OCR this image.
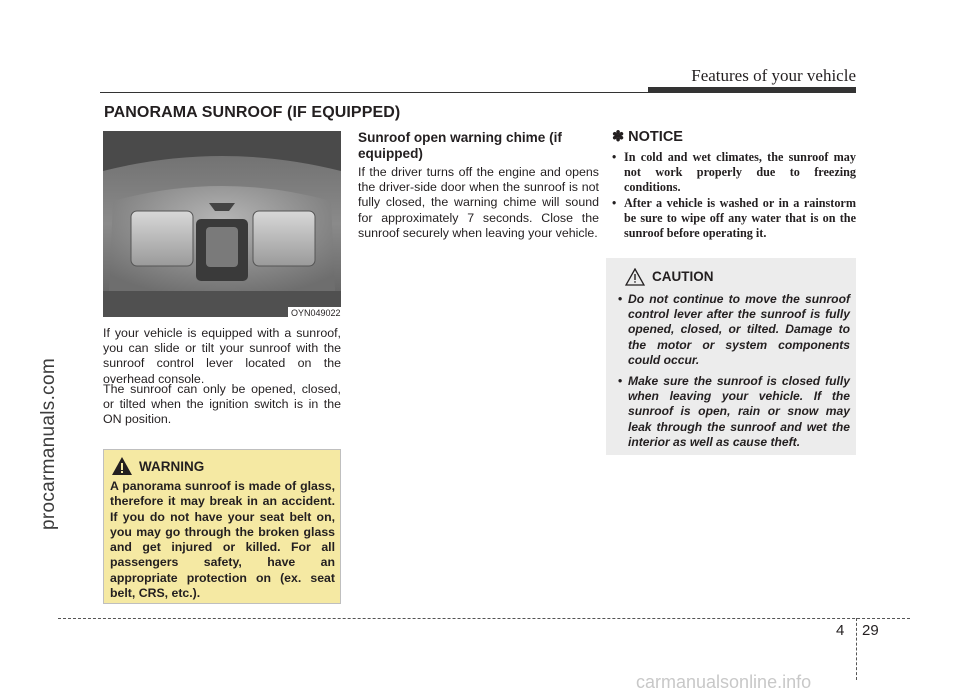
Features of your vehicle
PANORAMA SUNROOF (IF EQUIPPED)
OYN049022
If your vehicle is equipped with a sunroof, you can slide or tilt your sunroof with the sunroof control lever located on the overhead console.
The sunroof can only be opened, closed, or tilted when the ignition switch is in the ON position.
WARNING
A panorama sunroof is made of glass, therefore it may break in an accident. If you do not have your seat belt on, you may go through the broken glass and get injured or killed. For all passengers safety, have an appropriate protection on (ex. seat belt, CRS, etc.).
Sunroof open warning chime (if equipped)
If the driver turns off the engine and opens the driver-side door when the sunroof is not fully closed, the warning chime will sound for approximately 7 seconds. Close the sunroof securely when leaving your vehicle.
✽ NOTICE
• In cold and wet climates, the sunroof may not work properly due to freezing conditions.
• After a vehicle is washed or in a rainstorm be sure to wipe off any water that is on the sunroof before operating it.
CAUTION
• Do not continue to move the sunroof control lever after the sunroof is fully opened, closed, or tilted. Damage to the motor or system components could occur.
• Make sure the sunroof is closed fully when leaving your vehicle. If the sunroof is open, rain or snow may leak through the sunroof and wet the interior as well as cause theft.
4 29
procarmanuals.com
carmanualsonline.info
